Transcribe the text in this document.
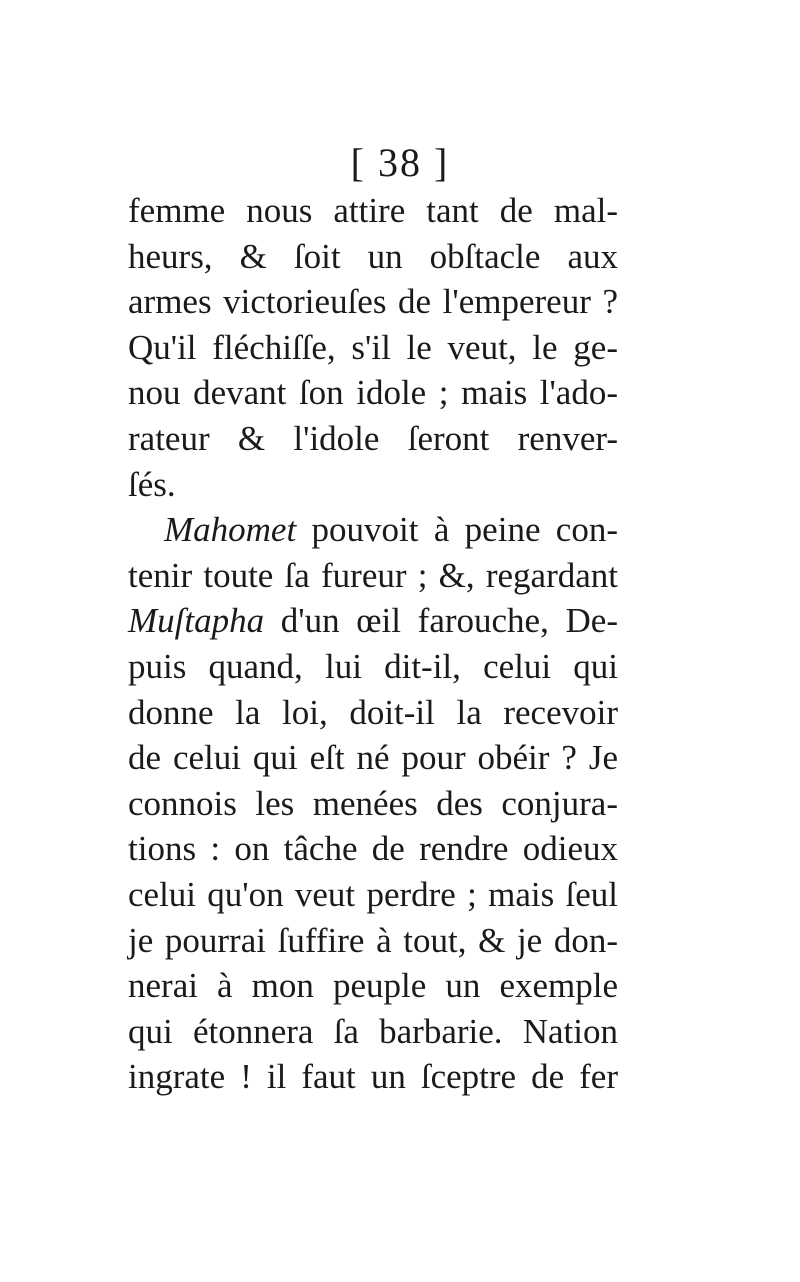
[ 38 ]
femme nous attire tant de mal-
heurs, & ſoit un obſtacle aux
armes victorieuſes de l'empereur ?
Qu'il fléchiſſe, s'il le veut, le ge-
nou devant ſon idole ; mais l'ado-
rateur & l'idole ſeront renver-
ſés.
Mahomet pouvoit à peine con-
tenir toute ſa fureur ; &, regardant
Muſtapha d'un œil farouche, De-
puis quand, lui dit-il, celui qui
donne la loi, doit-il la recevoir
de celui qui eſt né pour obéir ? Je
connois les menées des conjura-
tions : on tâche de rendre odieux
celui qu'on veut perdre ; mais ſeul
je pourrai ſuffire à tout, & je don-
nerai à mon peuple un exemple
qui étonnera ſa barbarie. Nation
ingrate ! il faut un ſceptre de fer
